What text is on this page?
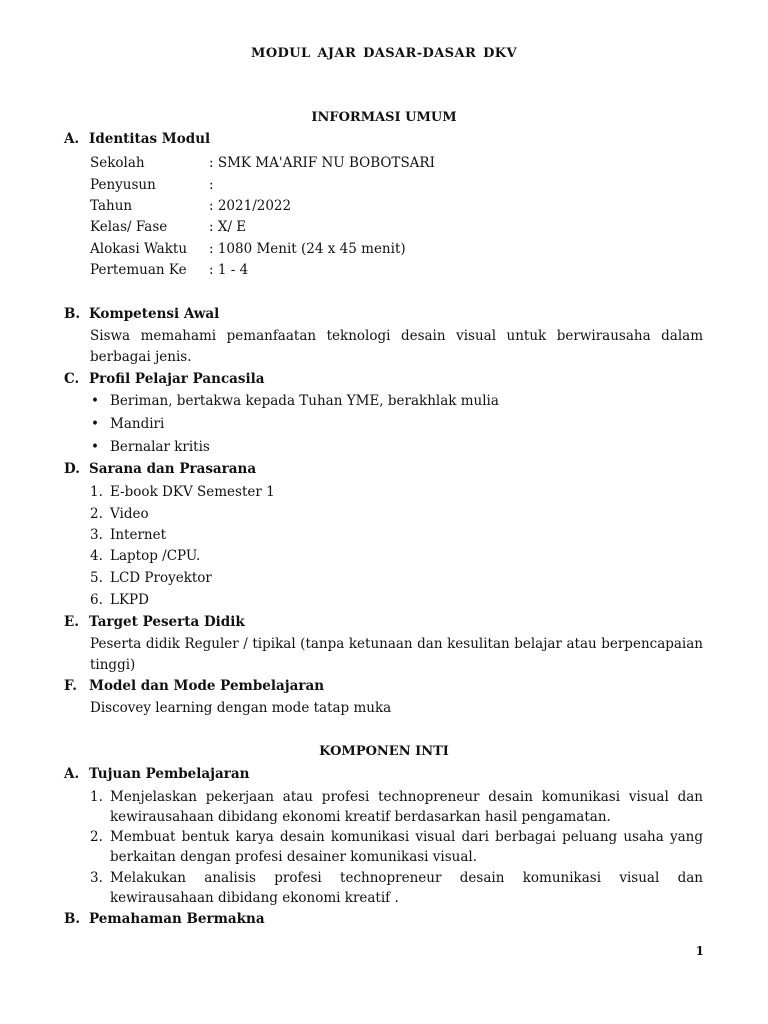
MODUL AJAR DASAR-DASAR DKV
INFORMASI UMUM
A. Identitas Modul
Sekolah	: SMK MA'ARIF NU BOBOTSARI
Penyusun	:
Tahun	: 2021/2022
Kelas/ Fase	: X/ E
Alokasi Waktu : 1080 Menit (24 x 45 menit)
Pertemuan Ke : 1 - 4
B. Kompetensi Awal
Siswa memahami pemanfaatan teknologi desain visual untuk berwirausaha dalam berbagai jenis.
C. Profil Pelajar Pancasila
• Beriman, bertakwa kepada Tuhan YME, berakhlak mulia
• Mandiri
• Bernalar kritis
D. Sarana dan Prasarana
1. E-book DKV Semester 1
2. Video
3. Internet
4. Laptop /CPU.
5. LCD Proyektor
6. LKPD
E. Target Peserta Didik
Peserta didik Reguler / tipikal (tanpa ketunaan dan kesulitan belajar atau berpencapaian tinggi)
F. Model dan Mode Pembelajaran
Discovey learning dengan mode tatap muka
KOMPONEN INTI
A. Tujuan Pembelajaran
1. Menjelaskan pekerjaan atau profesi technopreneur desain komunikasi visual dan kewirausahaan dibidang ekonomi kreatif berdasarkan hasil pengamatan.
2. Membuat bentuk karya desain komunikasi visual dari berbagai peluang usaha yang berkaitan dengan profesi desainer komunikasi visual.
3. Melakukan analisis profesi technopreneur desain komunikasi visual dan kewirausahaan dibidang ekonomi kreatif .
B. Pemahaman Bermakna
1
